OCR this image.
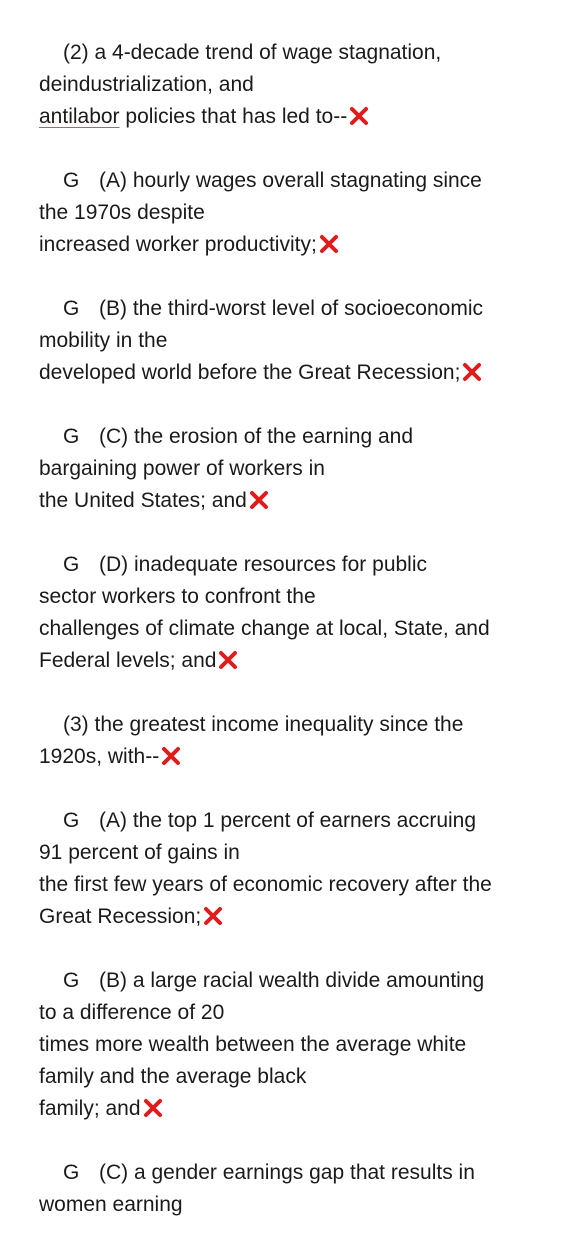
(2) a 4-decade trend of wage stagnation,
deindustrialization, and
antilabor policies that has led to--
G (A) hourly wages overall stagnating since
the 1970s despite
increased worker productivity;
G (B) the third-worst level of socioeconomic
mobility in the
developed world before the Great Recession;
G (C) the erosion of the earning and
bargaining power of workers in
the United States; and
G (D) inadequate resources for public
sector workers to confront the
challenges of climate change at local, State, and
Federal levels; and
(3) the greatest income inequality since the
1920s, with--
G (A) the top 1 percent of earners accruing
91 percent of gains in
the first few years of economic recovery after the
Great Recession;
G (B) a large racial wealth divide amounting
to a difference of 20
times more wealth between the average white
family and the average black
family; and
G (C) a gender earnings gap that results in
women earning
